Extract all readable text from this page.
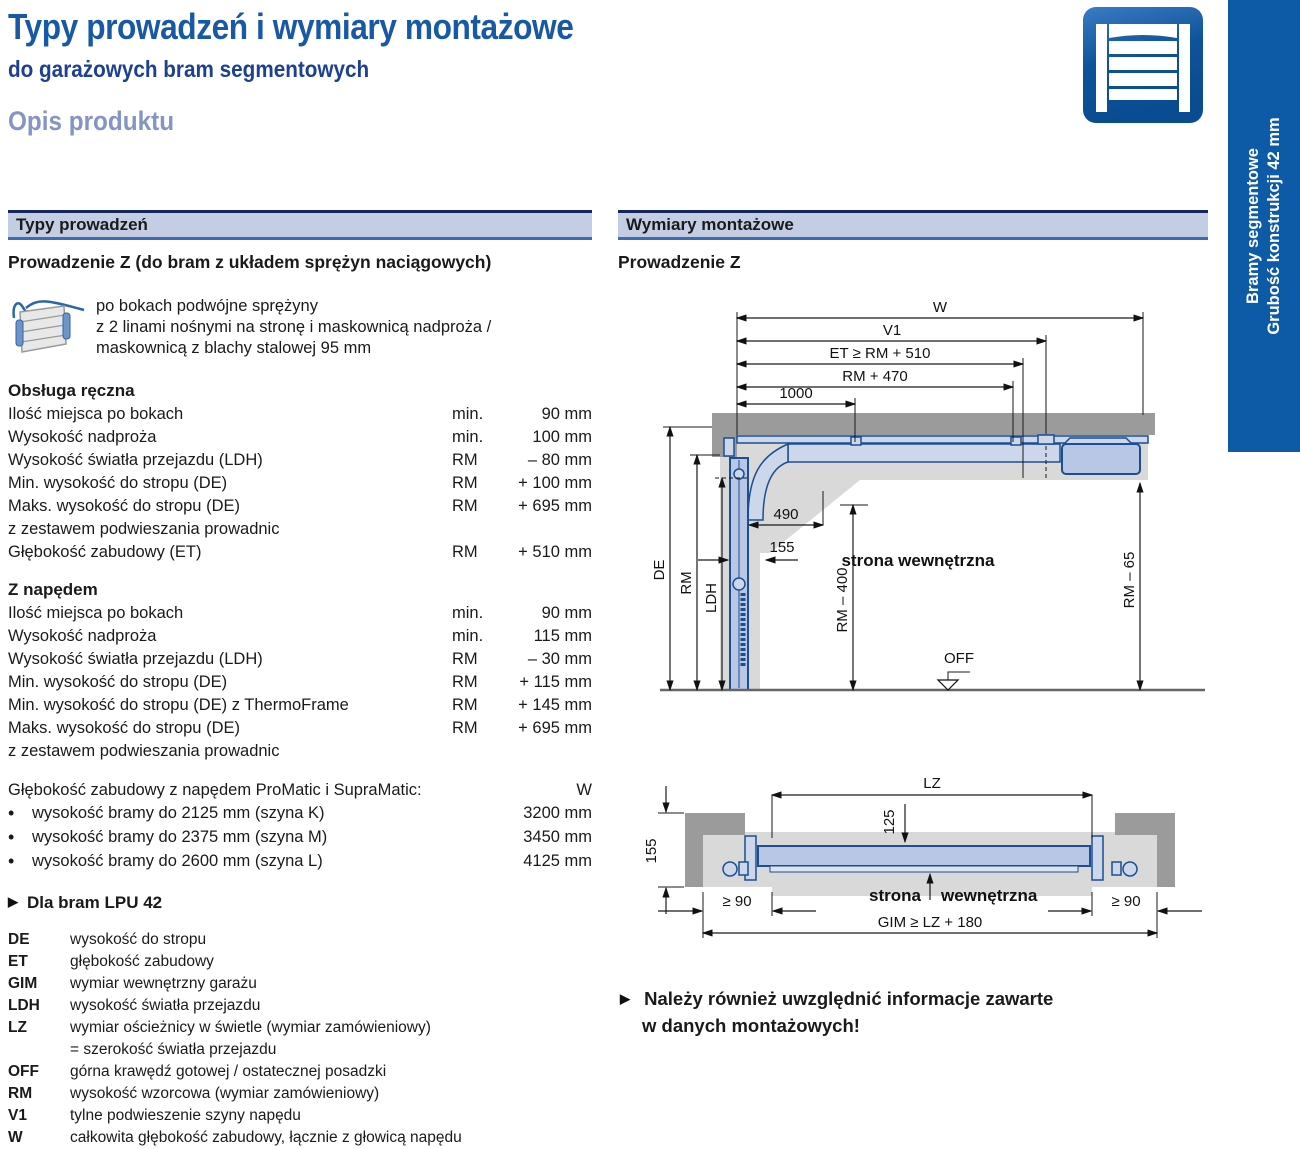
Typy prowadzeń i wymiary montażowe
do garażowych bram segmentowych
Opis produktu
Bramy segmentowe Grubość konstrukcji 42 mm
Typy prowadzeń
Prowadzenie Z (do bram z układem sprężyn naciągowych)
po bokach podwójne sprężyny
z 2 linami nośnymi na stronę i maskownicą nadproża /
maskownicą z blachy stalowej 95 mm
Obsługa ręczna
Ilość miejsca po bokach	min.	90 mm
Wysokość nadproża	min.	100 mm
Wysokość światła przejazdu (LDH)	RM	– 80 mm
Min. wysokość do stropu (DE)	RM	+ 100 mm
Maks. wysokość do stropu (DE)	RM	+ 695 mm
z zestawem podwieszania prowadnic
Głębokość zabudowy (ET)	RM	+ 510 mm
Z napędem
Ilość miejsca po bokach	min.	90 mm
Wysokość nadproża	min.	115 mm
Wysokość światła przejazdu (LDH)	RM	– 30 mm
Min. wysokość do stropu (DE)	RM	+ 115 mm
Min. wysokość do stropu (DE) z ThermoFrame	RM	+ 145 mm
Maks. wysokość do stropu (DE)	RM	+ 695 mm
z zestawem podwieszania prowadnic
Głębokość zabudowy z napędem ProMatic i SupraMatic:	W
•
wysokość bramy do 2125 mm (szyna K)	3200 mm
•
wysokość bramy do 2375 mm (szyna M)	3450 mm
•
wysokość bramy do 2600 mm (szyna L)	4125 mm
▶ Dla bram LPU 42
DE	wysokość do stropu
ET	głębokość zabudowy
GIM	wymiar wewnętrzny garażu
LDH	wysokość światła przejazdu
LZ	wymiar ościeżnicy w świetle (wymiar zamówieniowy)
= szerokość światła przejazdu
OFF	górna krawędź gotowej / ostatecznej posadzki
RM	wysokość wzorcowa (wymiar zamówieniowy)
V1	tylne podwieszenie szyny napędu
W	całkowita głębokość zabudowy, łącznie z głowicą napędu
Wymiary montażowe
Prowadzenie Z
W
V1
ET ≥ RM + 510
RM + 470
1000
DE
RM LDH	RM – 400	RM – 65
490
155
strona wewnętrzna
OFF
LZ
125
155
strona wewnętrzna
≥ 90	≥ 90
GIM ≥ LZ + 180
▶ Należy również uwzględnić informacje zawarte
w danych montażowych!
